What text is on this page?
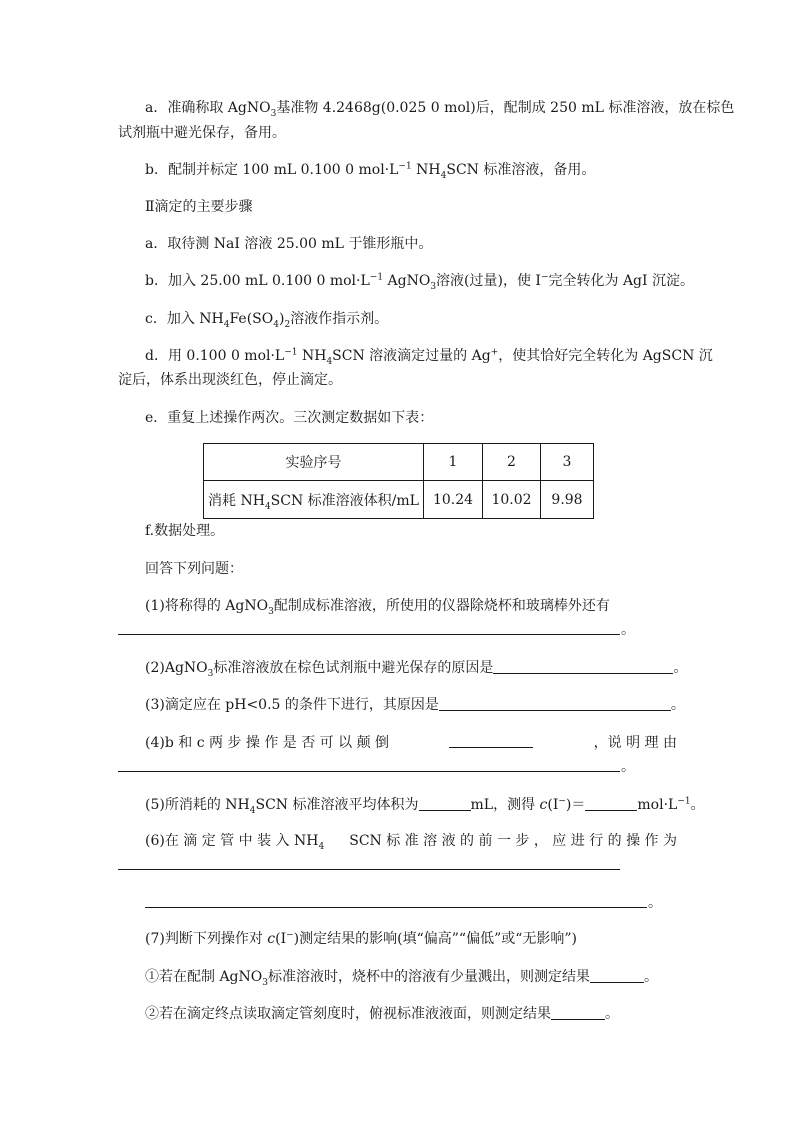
a．准确称取 AgNO$_3$基准物 4.2468g(0.025 0 mol)后，配制成 250 mL 标准溶液，放在棕色
试剂瓶中避光保存，备用。
b．配制并标定 100 mL 0.100 0 $mol\cdot L^{-1}$ $NH_4SCN$ 标准溶液，备用。
Ⅱ滴定的主要步骤
a．取待测 NaI 溶液 25.00 mL 于锥形瓶中。
b．加入 25.00 mL 0.100 0 $mol\cdot L^{-1}$ AgNO$_3$溶液(过量)，使 I−完全转化为 AgI 沉淀。
c．加入 $NH_4Fe(SO_4)_2$溶液作指示剂。
d．用 0.100 0 $mol\cdot L^{-1}$ $NH_4SCN$ 溶液滴定过量的 Ag+，使其恰好完全转化为 AgSCN 沉
淀后，体系出现淡红色，停止滴定。
e．重复上述操作两次。三次测定数据如下表：
实验序号	1	2	3
消耗 $NH_4SCN$ 标准溶液体积/mL	10.24	10.02	9.98
f.数据处理。
回答下列问题：
(1)将称得的 AgNO$_3$配制成标准溶液，所使用的仪器除烧杯和玻璃棒外还有
。
(2)AgNO$_3$标准溶液放在棕色试剂瓶中避光保存的原因是	。
(3)滴定应在 pH<0.5 的条件下进行，其原因是	。
(4)b 和 c 两 步 操 作 是 否 可 以 颠 倒	，说 明 理 由
。
(5)所消耗的 $NH_4SCN$ 标准溶液平均体积为	mL，测得 c(I−)＝	$mol\cdot L^{-1}$。
(6)在 滴 定 管 中 装 入 $NH_4$ SCN 标 准 溶 液 的 前 一 步 ， 应 进 行 的 操 作 为
。
(7)判断下列操作对 c(I−)测定结果的影响(填“偏高”“偏低”或“无影响”)
①若在配制 AgNO$_3$标准溶液时，烧杯中的溶液有少量溅出，则测定结果	。
②若在滴定终点读取滴定管刻度时，俯视标准液液面，则测定结果	。
